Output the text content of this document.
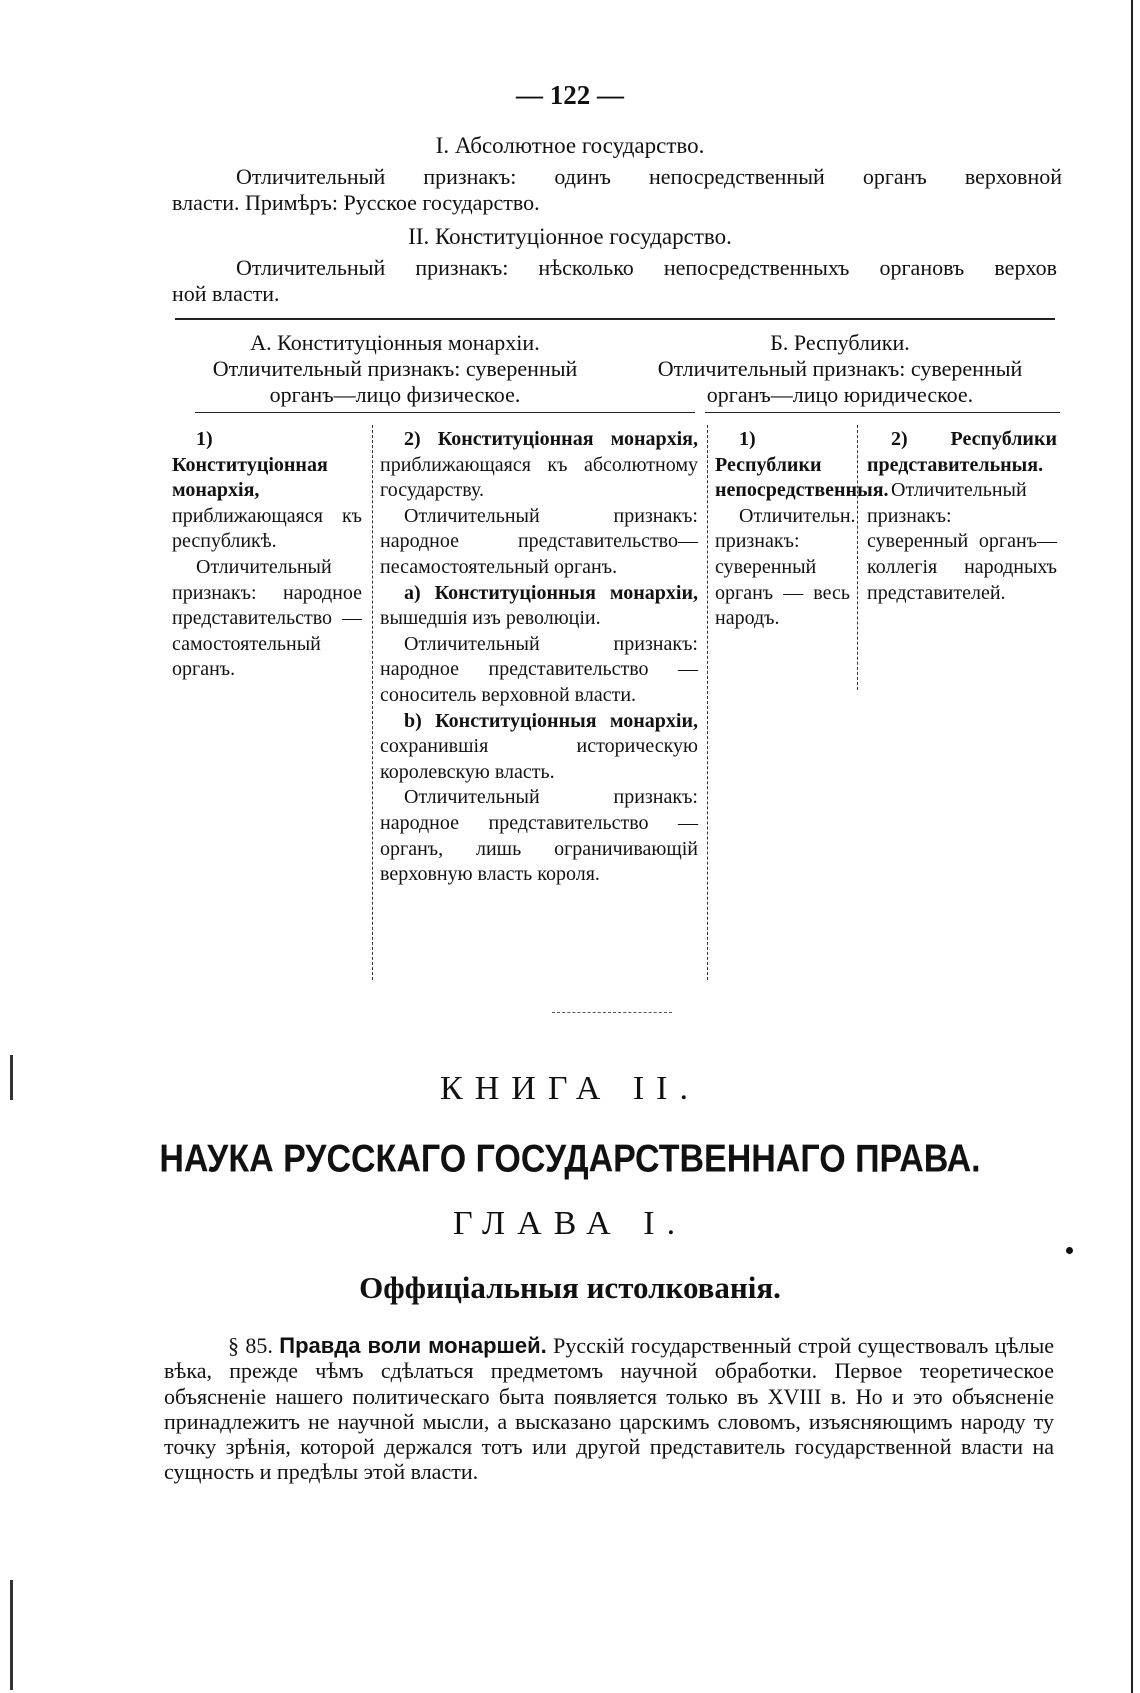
— 122 —
I. Абсолютное государство.
Отличительный признакъ: одинъ непосредственный органъ верховной
власти. Примѣръ: Русское государство.
II. Конституціонное государство.
Отличительный признакъ: нѣсколько непосредственныхъ органовъ верхов
ной власти.
А. Конституціонныя монархіи.
Отличительный признакъ: суверенный
органъ—лицо физическое.
Б. Республики.
Отличительный признакъ: суверенный
органъ—лицо юридическое.

1) Конституціонная монархія, приближающаяся къ республикѣ.

Отличительный признакъ: народное представительство — самостоятельный органъ.

2) Конституціонная монархія, приближающаяся къ абсолютному государству.

Отличительный признакъ: народное представительство—песамостоятельный органъ.

a) Конституціонныя монархіи, вышедшія изъ революціи.

Отличительный признакъ: народное представительство —соноситель верховной власти.

b) Конституціонныя монархіи, сохранившія историческую королевскую власть.

Отличительный признакъ: народное представительство —органъ, лишь ограничивающій верховную власть короля.

1) Республики непосредственныя.

Отличительн. признакъ: суверенный органъ — весь народъ.

2) Республики представительныя.

Отличительный признакъ: суверенный органъ—коллегія народныхъ представителей.

КНИГА II.
НАУКА РУССКАГО ГОСУДАРСТВЕННАГО ПРАВА.
ГЛАВА I.
Оффиціальныя истолкованія.
§ 85. Правда воли монаршей. Русскій государственный строй существовалъ цѣлые вѣка, прежде чѣмъ сдѣлаться предметомъ научной обработки. Первое теоретическое объясненіе нашего политическаго быта появляется только въ XVIII в. Но и это объясненіе принадлежитъ не научной мысли, а высказано царскимъ словомъ, изъясняющимъ народу ту точку зрѣнія, которой держался тотъ или другой представитель государственной власти на сущность и предѣлы этой власти.
